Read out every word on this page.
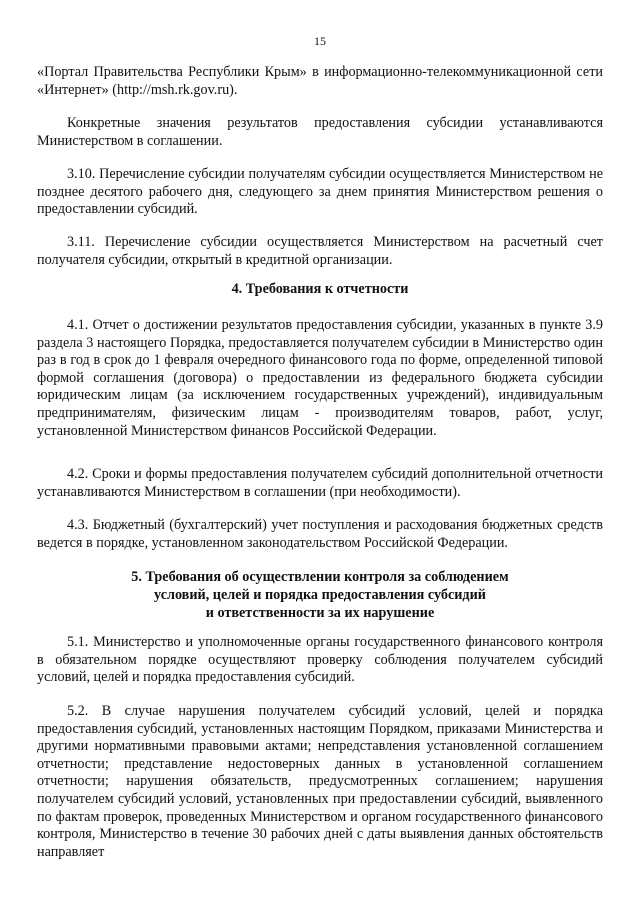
15

«Портал Правительства Республики Крым» в информационно-телекоммуникационной сети «Интернет» (http://msh.rk.gov.ru).

Конкретные значения результатов предоставления субсидии устанавливаются Министерством в соглашении.

3.10. Перечисление субсидии получателям субсидии осуществляется Министерством не позднее десятого рабочего дня, следующего за днем принятия Министерством решения о предоставлении субсидий.

3.11. Перечисление субсидии осуществляется Министерством на расчетный счет получателя субсидии, открытый в кредитной организации.

4. Требования к отчетности

4.1. Отчет о достижении результатов предоставления субсидии, указанных в пункте 3.9 раздела 3 настоящего Порядка, предоставляется получателем субсидии в Министерство один раз в год в срок до 1 февраля очередного финансового года по форме, определенной типовой формой соглашения (договора) о предоставлении из федерального бюджета субсидии юридическим лицам (за исключением государственных учреждений), индивидуальным предпринимателям, физическим лицам - производителям товаров, работ, услуг, установленной Министерством финансов Российской Федерации.

4.2. Сроки и формы предоставления получателем субсидий дополнительной отчетности устанавливаются Министерством в соглашении (при необходимости).

4.3. Бюджетный (бухгалтерский) учет поступления и расходования бюджетных средств ведется в порядке, установленном законодательством Российской Федерации.

5. Требования об осуществлении контроля за соблюдением
условий, целей и порядка предоставления субсидий
и ответственности за их нарушение

5.1. Министерство и уполномоченные органы государственного финансового контроля в обязательном порядке осуществляют проверку соблюдения получателем субсидий условий, целей и порядка предоставления субсидий.

5.2. В случае нарушения получателем субсидий условий, целей и порядка предоставления субсидий, установленных настоящим Порядком, приказами Министерства и другими нормативными правовыми актами; непредставления установленной соглашением отчетности; представление недостоверных данных в установленной соглашением отчетности; нарушения обязательств, предусмотренных соглашением; нарушения получателем субсидий условий, установленных при предоставлении субсидий, выявленного по фактам проверок, проведенных Министерством и органом государственного финансового контроля, Министерство в течение 30 рабочих дней с даты выявления данных обстоятельств направляет
